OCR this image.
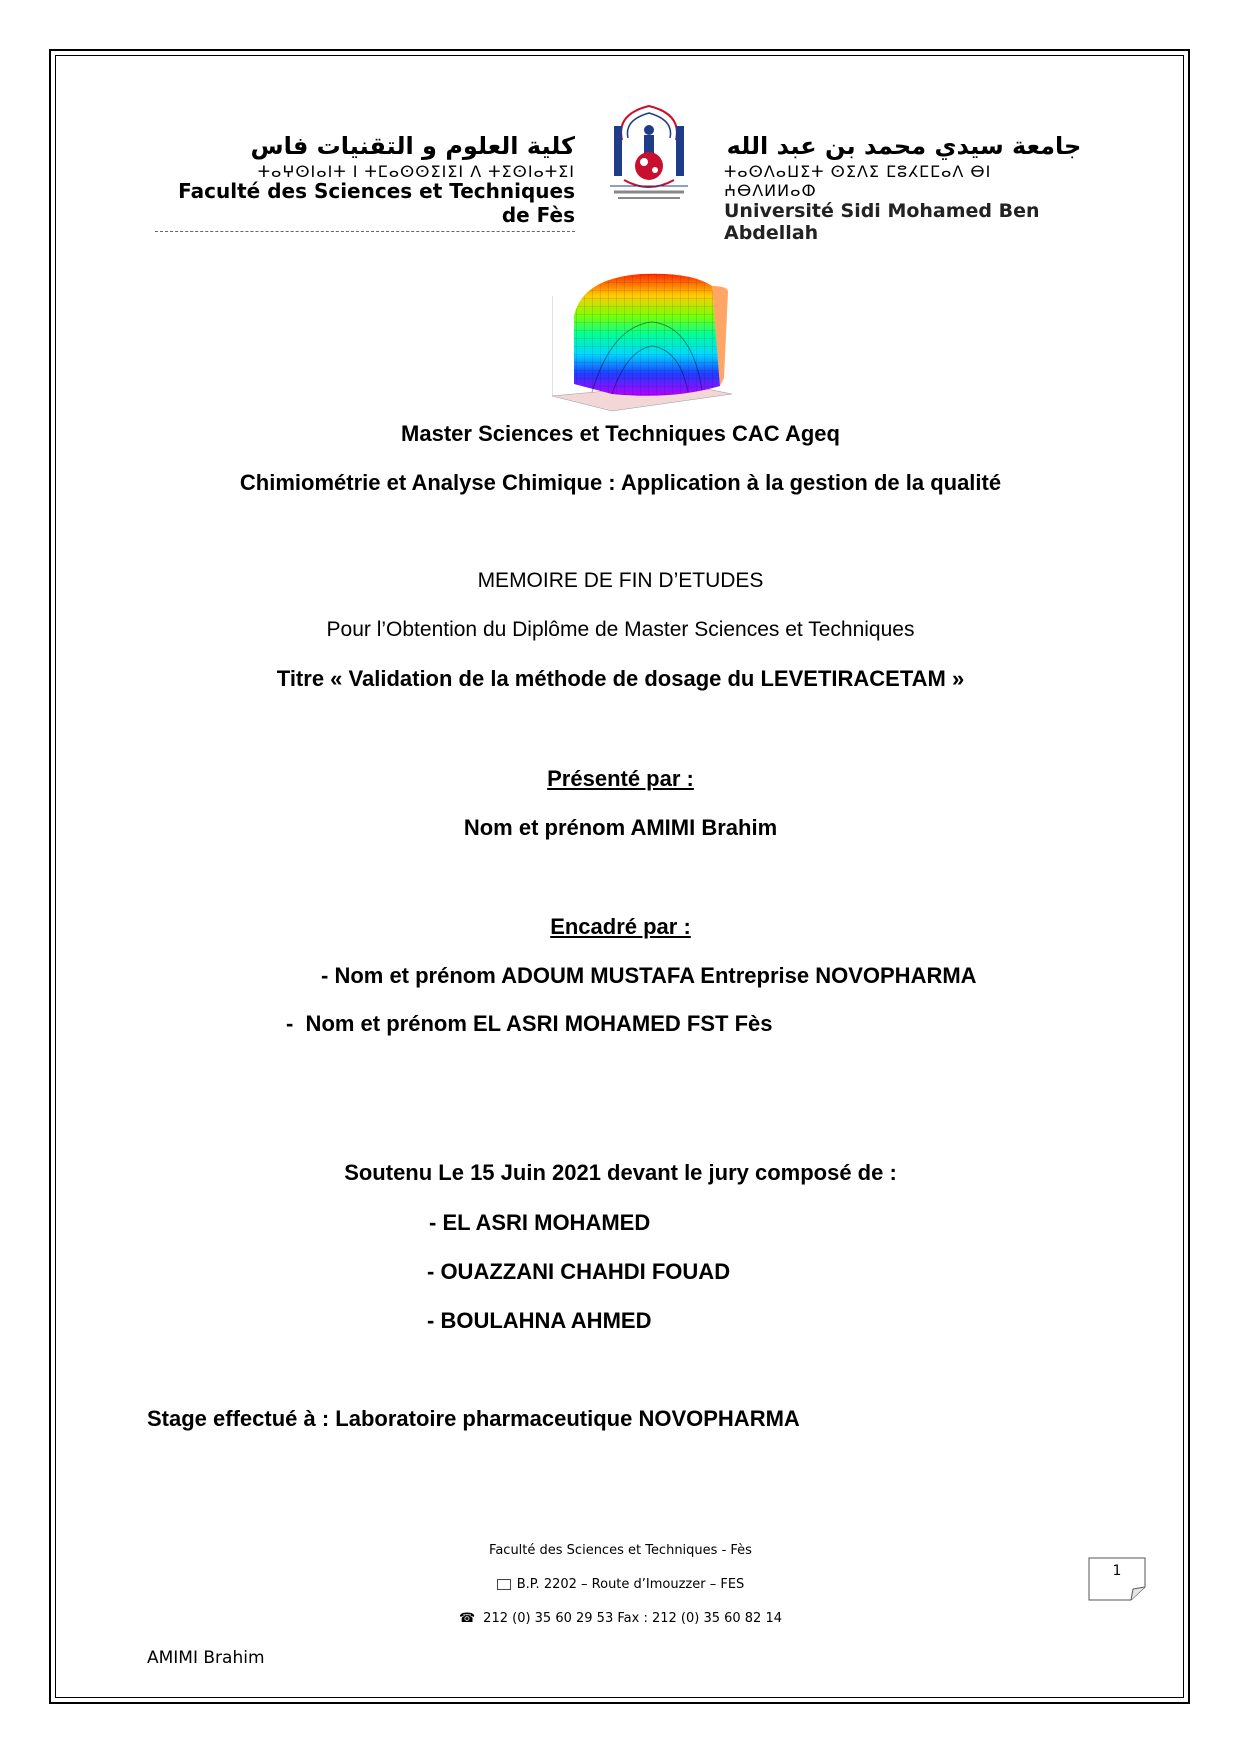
كلية العلوم و التقنيات فاس
ⵜⴰⵖⵙⵏⴰⵏⵜ ⵏ ⵜⵎⴰⵙⵙⵉⵏⵉⵏ ⴷ ⵜⵉⵙⵏⴰⵜⵉⵏ
Faculté des Sciences et Techniques de Fès
جامعة سيدي محمد بن عبد الله
ⵜⴰⵙⴷⴰⵡⵉⵜ ⵙⵉⴷⵉ ⵎⵓⵃⵎⵎⴰⴷ ⴱⵏ ⵄⴱⴷⵍⵍⴰⵀ
Université Sidi Mohamed Ben Abdellah
Master Sciences et Techniques CAC Ageq
Chimiométrie et Analyse Chimique : Application à la gestion de la qualité
MEMOIRE DE FIN D’ETUDES
Pour l’Obtention du Diplôme de Master Sciences et Techniques
Titre « Validation de la méthode de dosage du LEVETIRACETAM »
Présenté par :
Nom et prénom AMIMI Brahim
Encadré par :
- Nom et prénom ADOUM MUSTAFA Entreprise NOVOPHARMA
-  Nom et prénom EL ASRI MOHAMED FST Fès
Soutenu Le 15 Juin 2021 devant le jury composé de :
- EL ASRI MOHAMED
- OUAZZANI CHAHDI FOUAD
- BOULAHNA AHMED
Stage effectué à : Laboratoire pharmaceutique NOVOPHARMA
Faculté des Sciences et Techniques - Fès
B.P. 2202 – Route d’Imouzzer – FES
☎ 212 (0) 35 60 29 53 Fax : 212 (0) 35 60 82 14
1
AMIMI Brahim
